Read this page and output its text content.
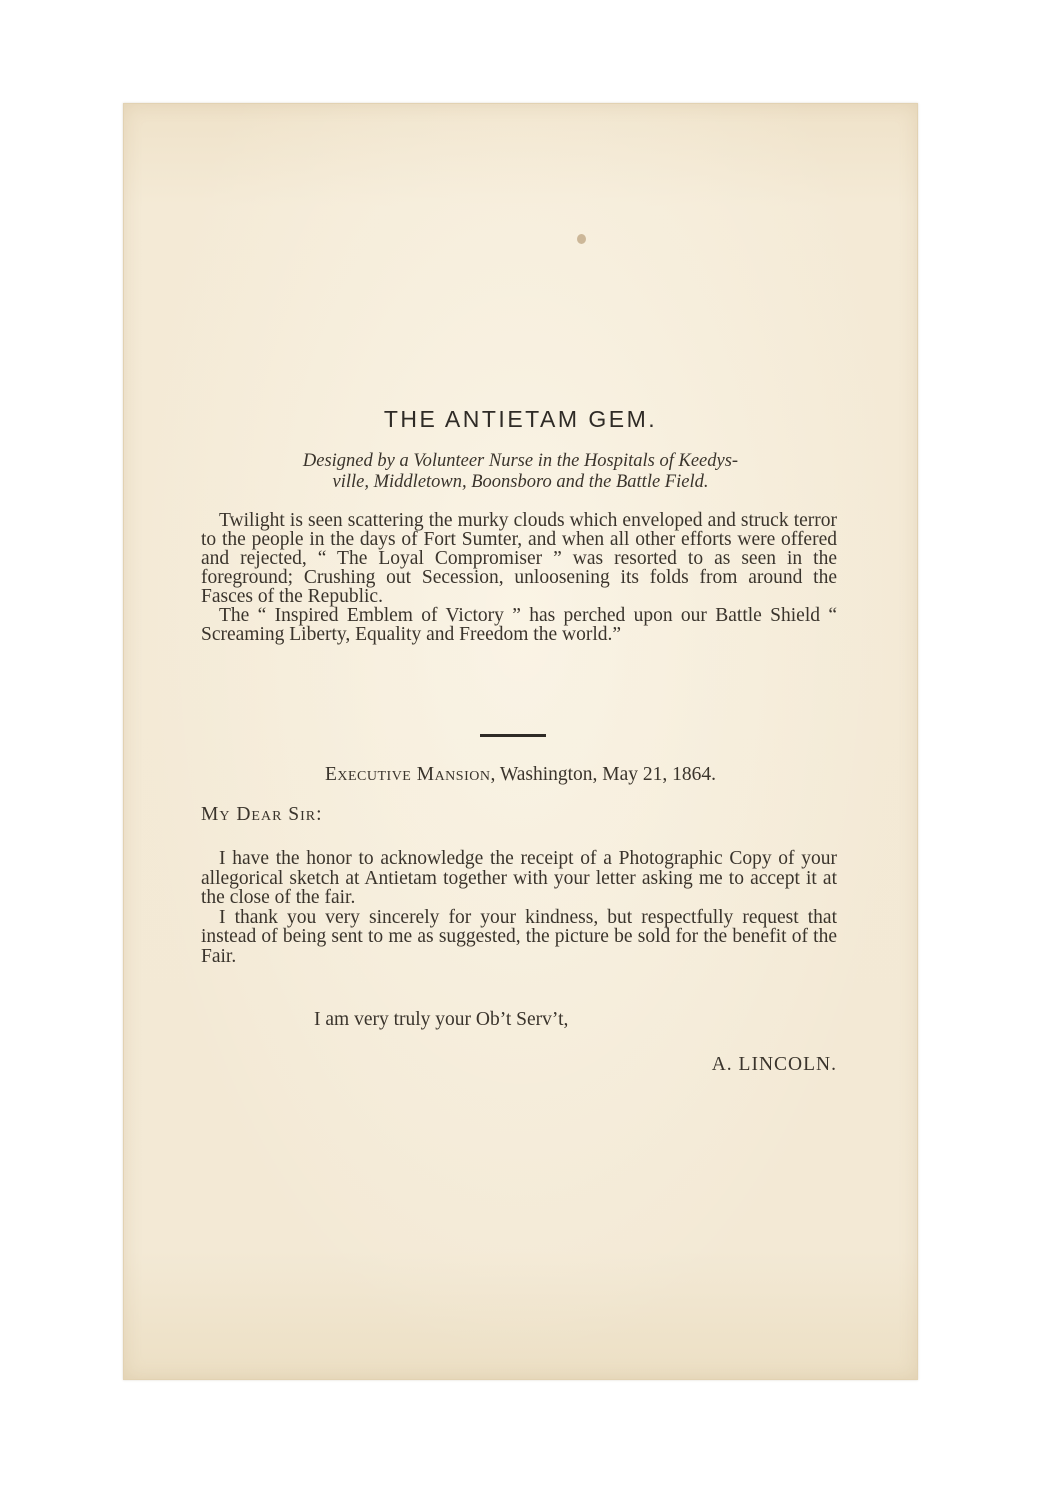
THE ANTIETAM GEM.
Designed by a Volunteer Nurse in the Hospitals of Keedys-
ville, Middletown, Boonsboro and the Battle Field.

Twilight is seen scattering the murky clouds which enveloped and struck terror to the people in the days of Fort Sumter, and when all other efforts were offered and rejected, “ The Loyal Compromiser ” was resorted to as seen in the foreground; Crushing out Secession, unloosening its folds from around the Fasces of the Republic.

The “ Inspired Emblem of Victory ” has perched upon our Battle Shield “ Screaming Liberty, Equality and Freedom the world.”

Executive Mansion, Washington, May 21, 1864.

My Dear Sir:

I have the honor to acknowledge the receipt of a Photographic Copy of your allegorical sketch at Antietam together with your letter asking me to accept it at the close of the fair.

I thank you very sincerely for your kindness, but respectfully request that instead of being sent to me as suggested, the picture be sold for the benefit of the Fair.

I am very truly your Ob’t Serv’t,

A. LINCOLN.
